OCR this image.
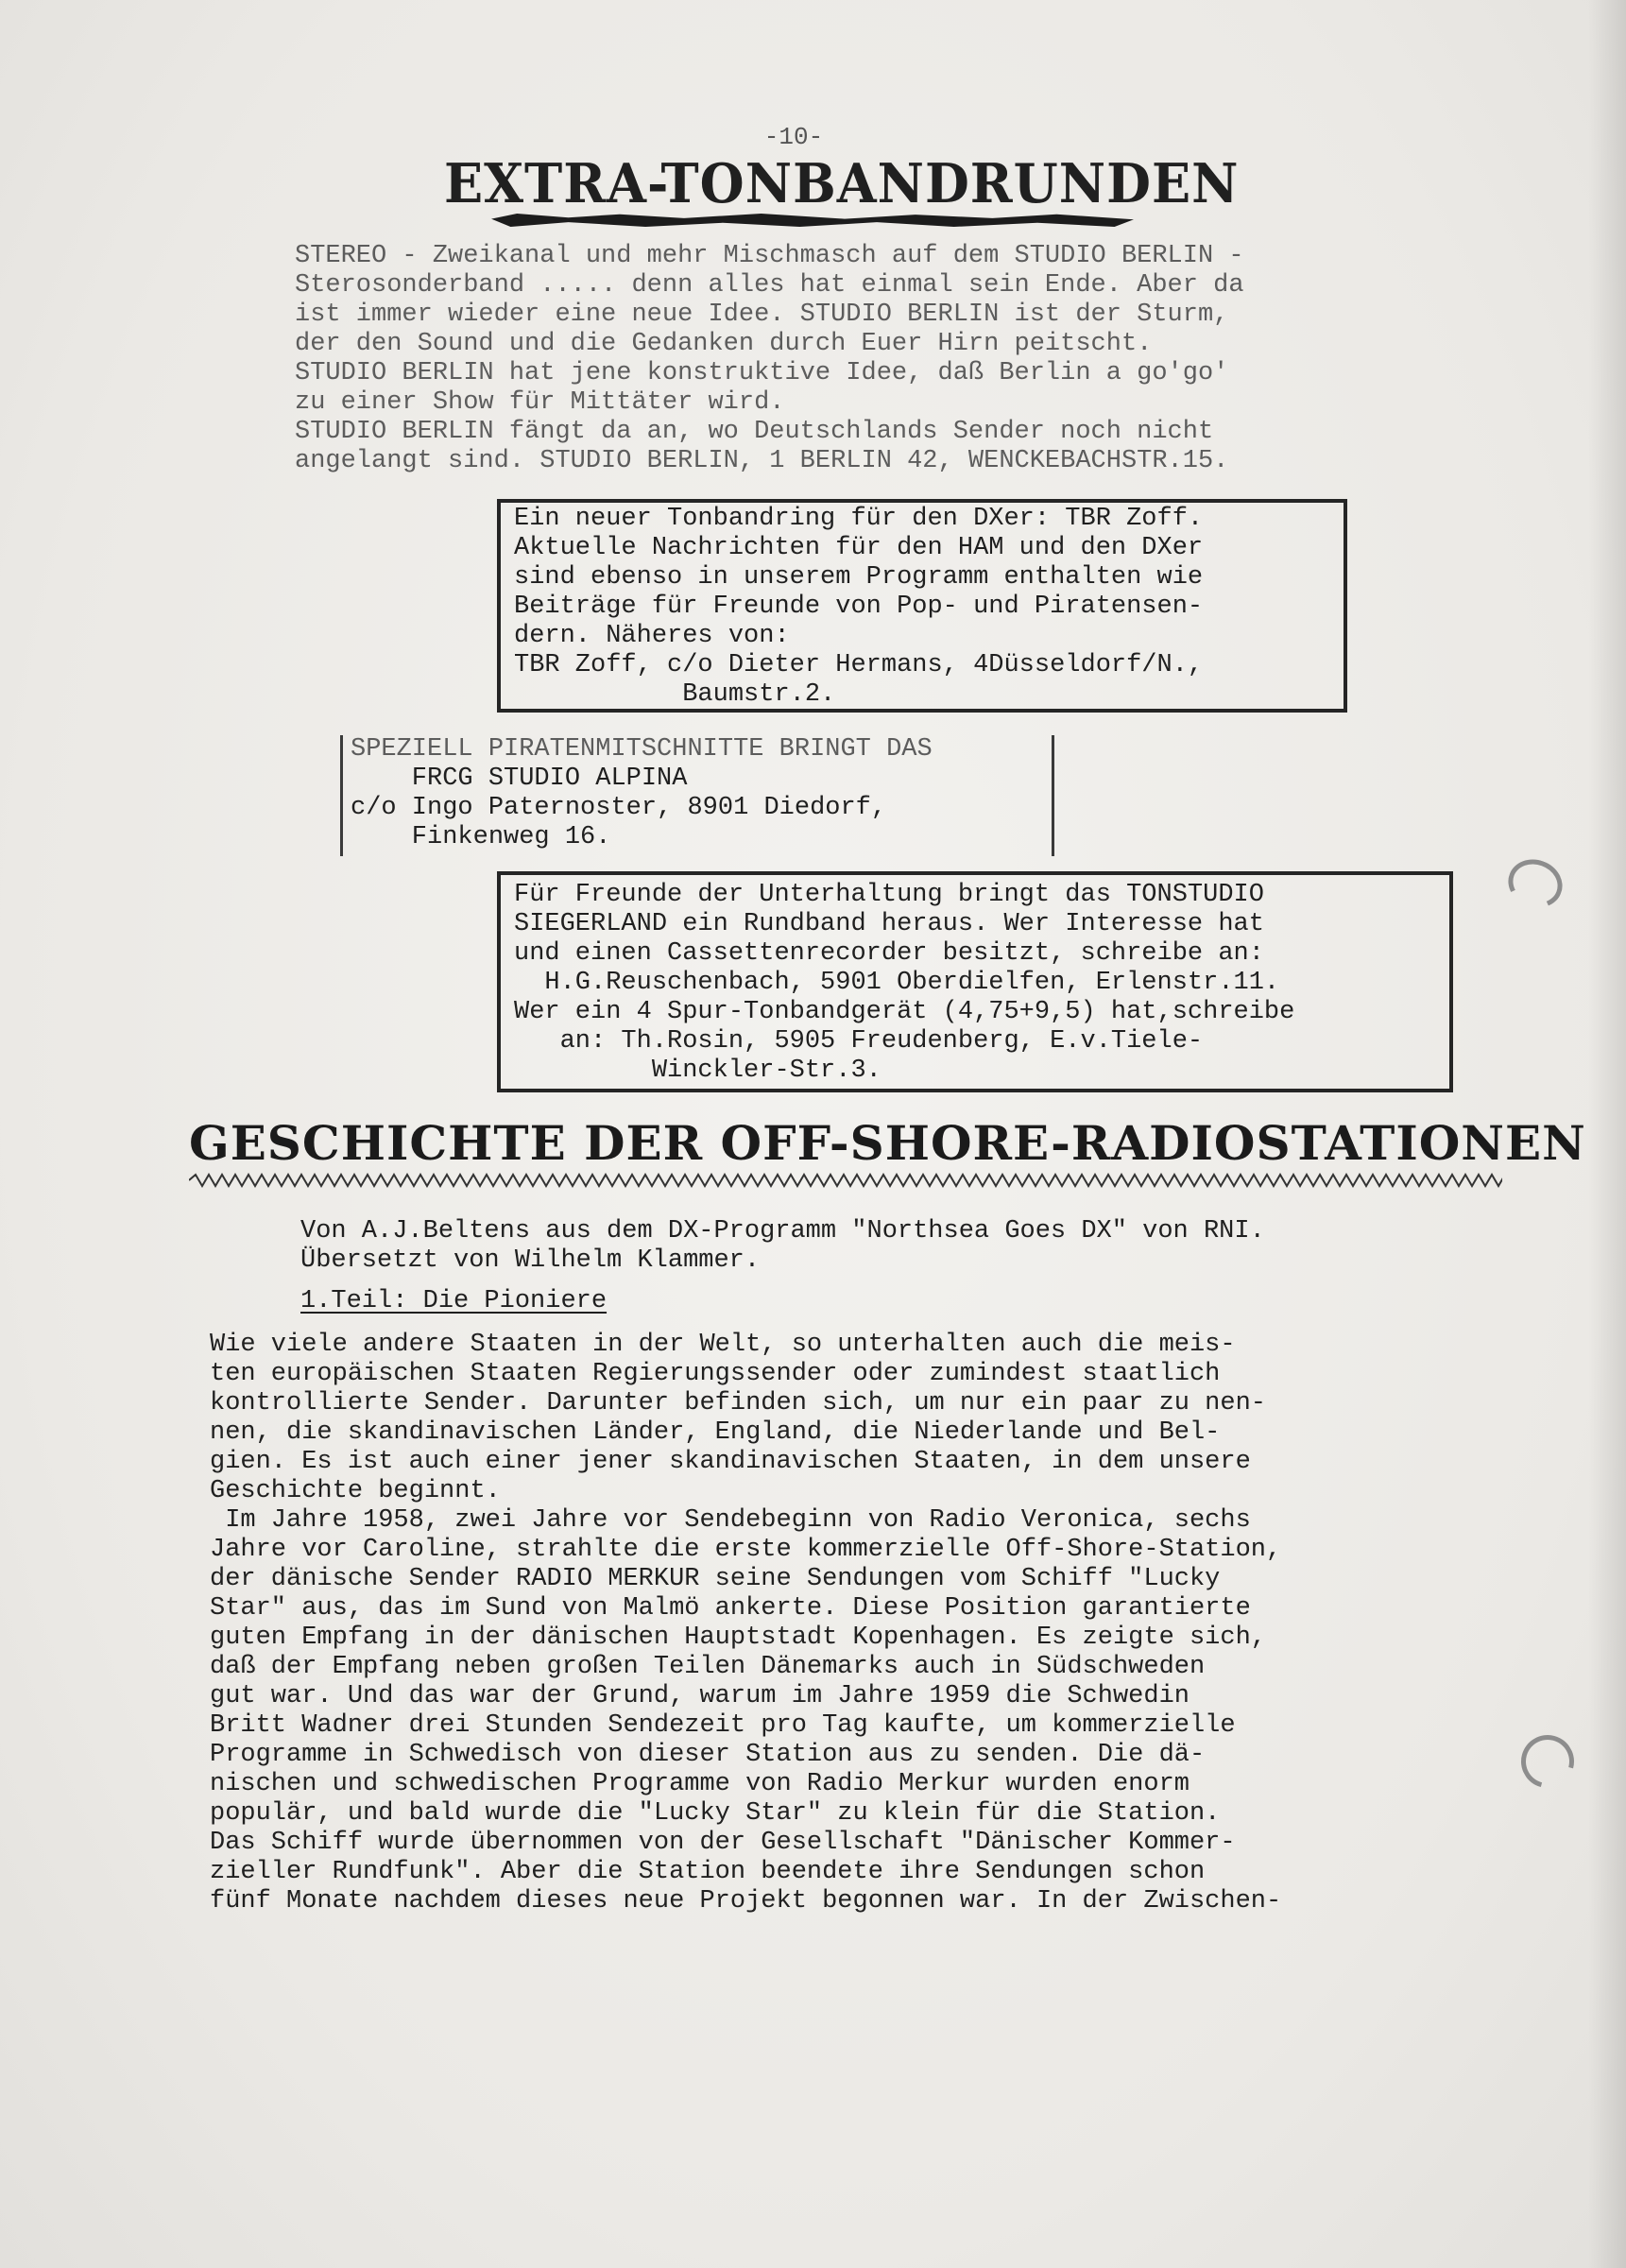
-10-
EXTRA-TONBANDRUNDEN
STEREO - Zweikanal und mehr Mischmasch auf dem STUDIO BERLIN -
Sterosonderband ..... denn alles hat einmal sein Ende. Aber da
ist immer wieder eine neue Idee. STUDIO BERLIN ist der Sturm,
der den Sound und die Gedanken durch Euer Hirn peitscht.
STUDIO BERLIN hat jene konstruktive Idee, daß Berlin a go'go'
zu einer Show für Mittäter wird.
STUDIO BERLIN fängt da an, wo Deutschlands Sender noch nicht
angelangt sind. STUDIO BERLIN, 1 BERLIN 42, WENCKEBACHSTR.15.
Ein neuer Tonbandring für den DXer: TBR Zoff.
Aktuelle Nachrichten für den HAM und den DXer
sind ebenso in unserem Programm enthalten wie
Beiträge für Freunde von Pop- und Piratensen-
dern. Näheres von:
TBR Zoff, c/o Dieter Hermans, 4Düsseldorf/N.,
Baumstr.2.
SPEZIELL PIRATENMITSCHNITTE BRINGT DAS
FRCG STUDIO ALPINA
c/o Ingo Paternoster, 8901 Diedorf,
Finkenweg 16.
Für Freunde der Unterhaltung bringt das TONSTUDIO
SIEGERLAND ein Rundband heraus. Wer Interesse hat
und einen Cassettenrecorder besitzt, schreibe an:
H.G.Reuschenbach, 5901 Oberdielfen, Erlenstr.11.
Wer ein 4 Spur-Tonbandgerät (4,75+9,5) hat,schreibe
an: Th.Rosin, 5905 Freudenberg, E.v.Tiele-
Winckler-Str.3.
GESCHICHTE DER OFF-SHORE-RADIOSTATIONEN
Von A.J.Beltens aus dem DX-Programm "Northsea Goes DX" von RNI.
Übersetzt von Wilhelm Klammer.
1.Teil: Die Pioniere
Wie viele andere Staaten in der Welt, so unterhalten auch die meis-
ten europäischen Staaten Regierungssender oder zumindest staatlich
kontrollierte Sender. Darunter befinden sich, um nur ein paar zu nen-
nen, die skandinavischen Länder, England, die Niederlande und Bel-
gien. Es ist auch einer jener skandinavischen Staaten, in dem unsere
Geschichte beginnt.
Im Jahre 1958, zwei Jahre vor Sendebeginn von Radio Veronica, sechs
Jahre vor Caroline, strahlte die erste kommerzielle Off-Shore-Station,
der dänische Sender RADIO MERKUR seine Sendungen vom Schiff "Lucky
Star" aus, das im Sund von Malmö ankerte. Diese Position garantierte
guten Empfang in der dänischen Hauptstadt Kopenhagen. Es zeigte sich,
daß der Empfang neben großen Teilen Dänemarks auch in Südschweden
gut war. Und das war der Grund, warum im Jahre 1959 die Schwedin
Britt Wadner drei Stunden Sendezeit pro Tag kaufte, um kommerzielle
Programme in Schwedisch von dieser Station aus zu senden. Die dä-
nischen und schwedischen Programme von Radio Merkur wurden enorm
populär, und bald wurde die "Lucky Star" zu klein für die Station.
Das Schiff wurde übernommen von der Gesellschaft "Dänischer Kommer-
zieller Rundfunk". Aber die Station beendete ihre Sendungen schon
fünf Monate nachdem dieses neue Projekt begonnen war. In der Zwischen-
